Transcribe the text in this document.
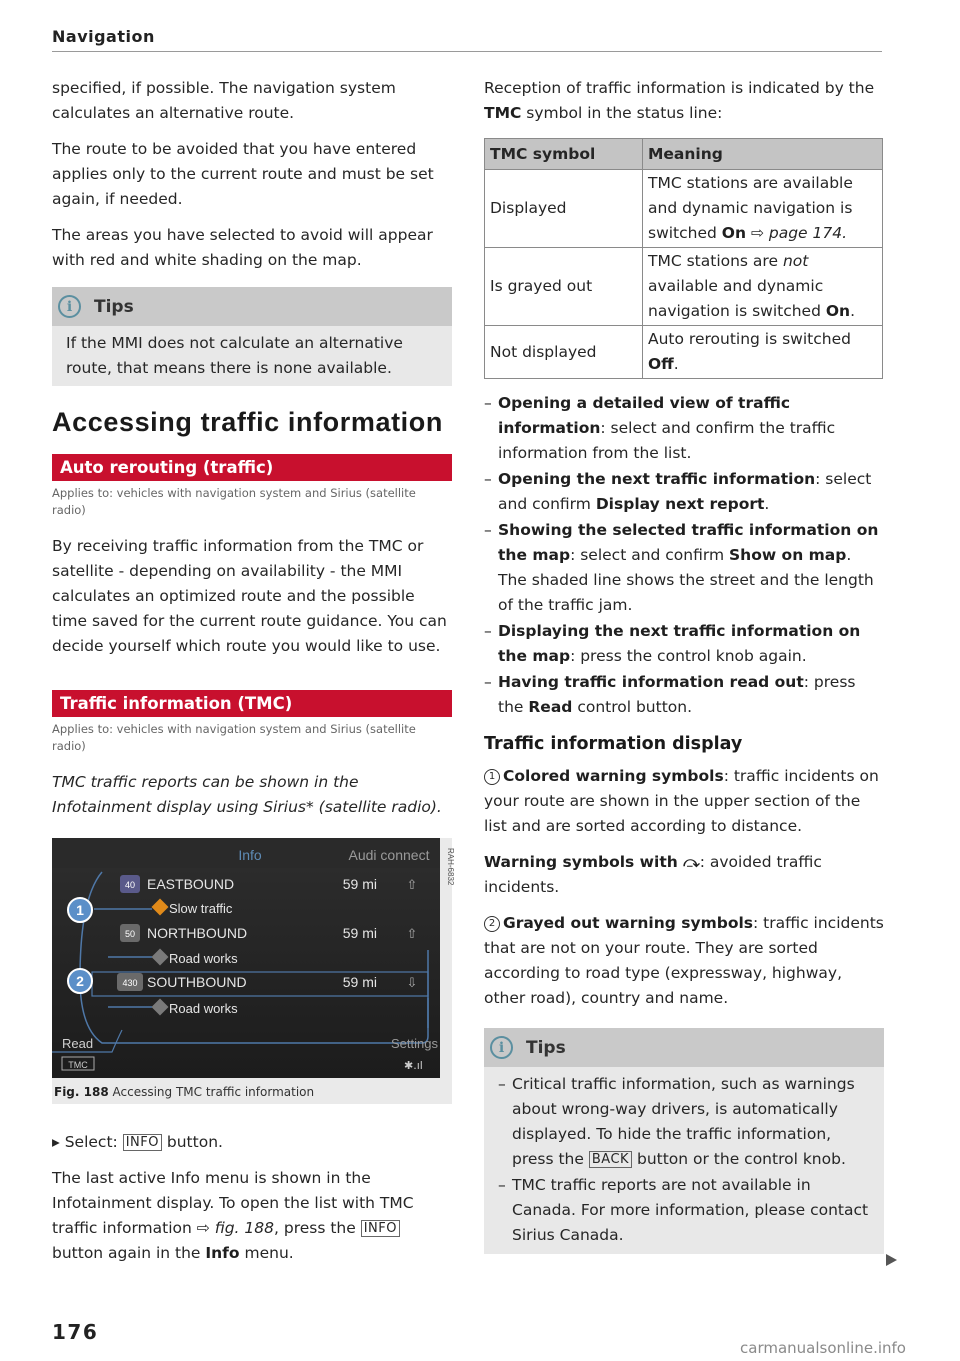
Navigation

specified, if possible. The navigation system calculates an alternative route.

The route to be avoided that you have entered applies only to the current route and must be set again, if needed.

The areas you have selected to avoid will appear with red and white shading on the map.

i	Tips
If the MMI does not calculate an alternative route, that means there is none available.
Accessing traffic information
Auto rerouting (traffic)
Applies to: vehicles with navigation system and Sirius (satellite radio)

By receiving traffic information from the TMC or satellite - depending on availability - the MMI calculates an optimized route and the possible time saved for the current route guidance. You can decide yourself which route you would like to use.

Traffic information (TMC)
Applies to: vehicles with navigation system and Sirius (satellite radio)

TMC traffic reports can be shown in the Infotainment display using Sirius* (satellite radio).

Info	Audi connect RAH-6832
40 EASTBOUND	59 mi ⇧
Slow traffic
50 NORTHBOUND	59 mi ⇧
Road works
430 SOUTHBOUND	59 mi ⇩
Road works
1
2
Read	Settings
TMC	✱.ıl
Fig. 188 Accessing TMC traffic information
▸ Select: INFO button.

The last active Info menu is shown in the Infotainment display. To open the list with TMC traffic information ⇨ fig. 188, press the INFO button again in the Info menu.

Reception of traffic information is indicated by the TMC symbol in the status line:

TMC symbol	Meaning
Displayed	TMC stations are available and dynamic navigation is switched On ⇨ page 174.
Is grayed out	TMC stations are not available and dynamic navigation is switched On.
Not displayed	Auto rerouting is switched Off.
– Opening a detailed view of traffic information: select and confirm the traffic information from the list.
– Opening the next traffic information: select and confirm Display next report.
– Showing the selected traffic information on the map: select and confirm Show on map. The shaded line shows the street and the length of the traffic jam.
– Displaying the next traffic information on the map: press the control knob again.
– Having traffic information read out: press the Read control button.
Traffic information display

1 Colored warning symbols: traffic incidents on your route are shown in the upper section of the list and are sorted according to distance.

Warning symbols with ⤼: avoided traffic incidents.

2 Grayed out warning symbols: traffic incidents that are not on your route. They are sorted according to road type (expressway, highway, other road), country and name.

i	Tips
– Critical traffic information, such as warnings about wrong-way drivers, is automatically displayed. To hide the traffic information, press the BACK button or the control knob.
– TMC traffic reports are not available in Canada. For more information, please contact Sirius Canada.
176
carmanualsonline.info
